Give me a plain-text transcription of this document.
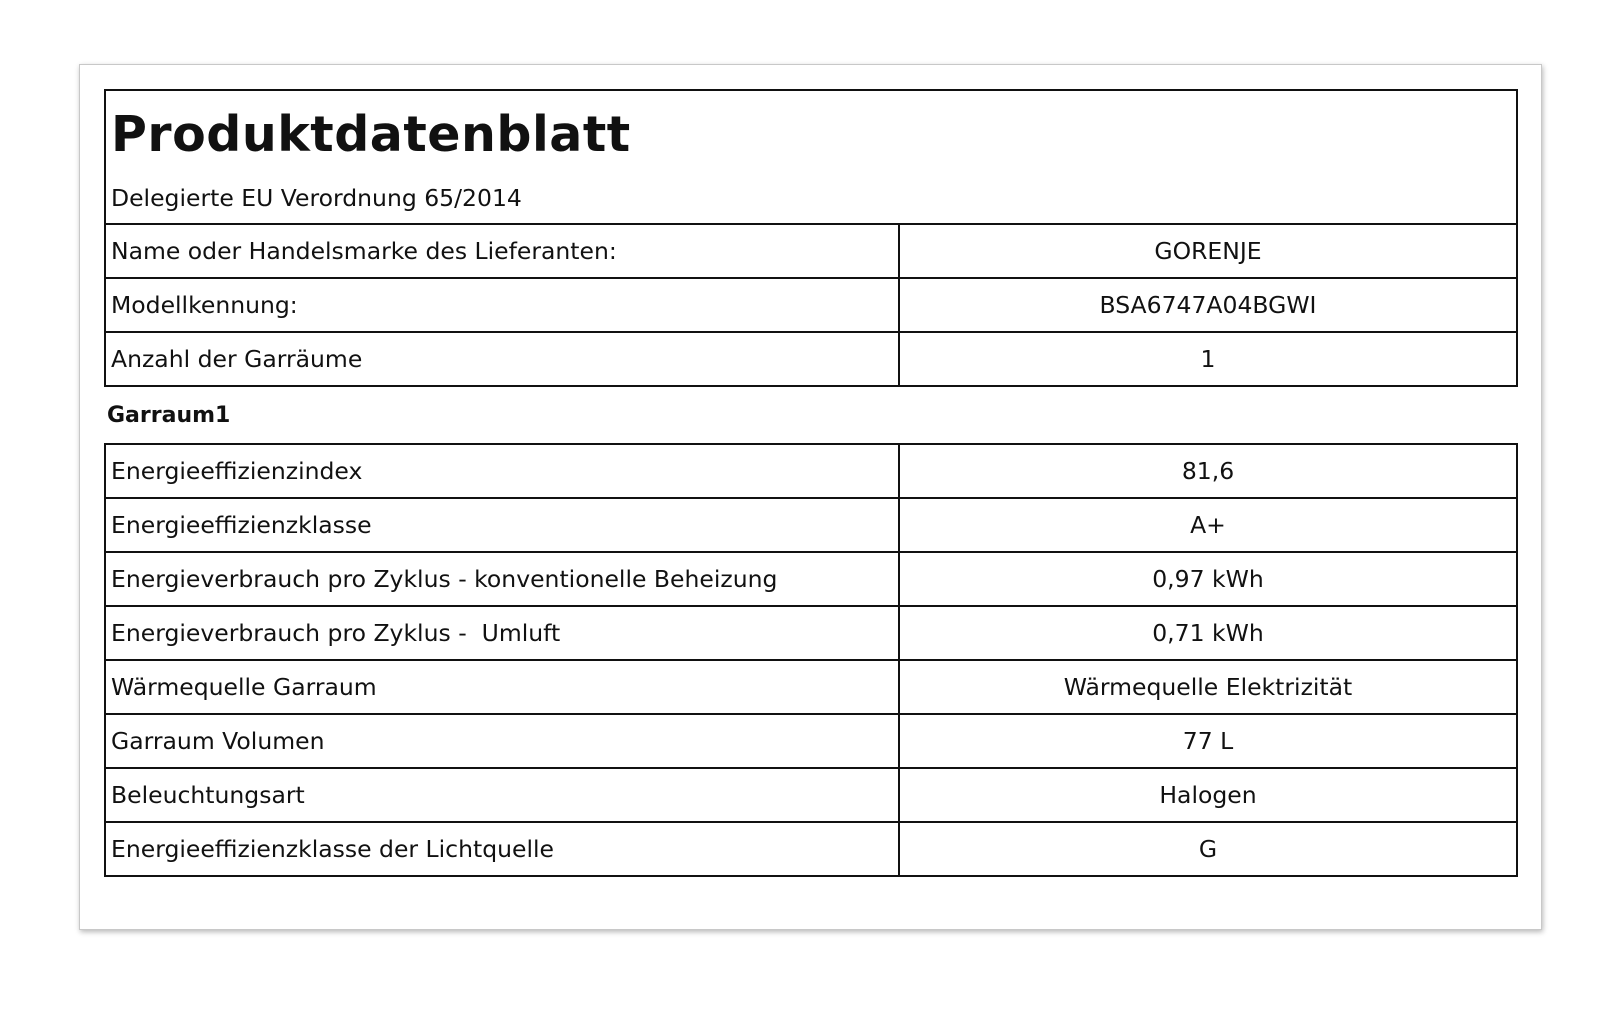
Produktdatenblatt
Delegierte EU Verordnung 65/2014
Name oder Handelsmarke des Lieferanten:	GORENJE
Modellkennung:	BSA6747A04BGWI
Anzahl der Garräume	1
Garraum1
Energieeffizienzindex	81,6
Energieeffizienzklasse	A+
Energieverbrauch pro Zyklus - konventionelle Beheizung	0,97 kWh
Energieverbrauch pro Zyklus -  Umluft	0,71 kWh
Wärmequelle Garraum	Wärmequelle Elektrizität
Garraum Volumen	77 L
Beleuchtungsart	Halogen
Energieeffizienzklasse der Lichtquelle	G
